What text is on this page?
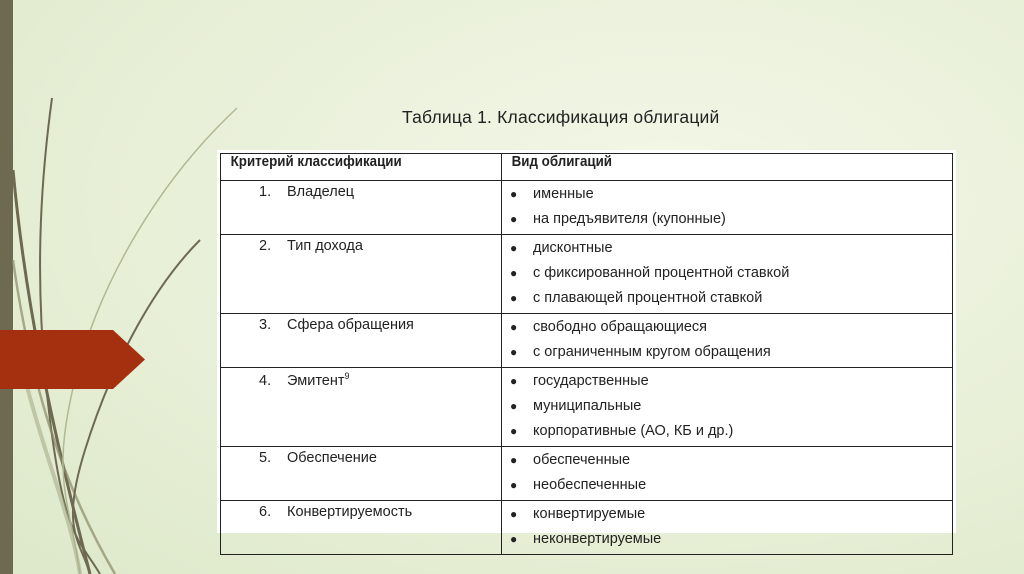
Таблица 1. Классификация облигаций
Критерий классификации	Вид облигаций
1. Владелец	● именные
● на предъявителя (купонные)

2. Тип дохода	● дисконтные
● с фиксированной процентной ставкой
● с плавающей процентной ставкой

3. Сфера обращения	● свободно обращающиеся
● с ограниченным кругом обращения

4. Эмитент$^9$	● государственные
● муниципальные
● корпоративные (АО, КБ и др.)

5. Обеспечение	● обеспеченные
● необеспеченные

6. Конвертируемость	● конвертируемые
● неконвертируемые
